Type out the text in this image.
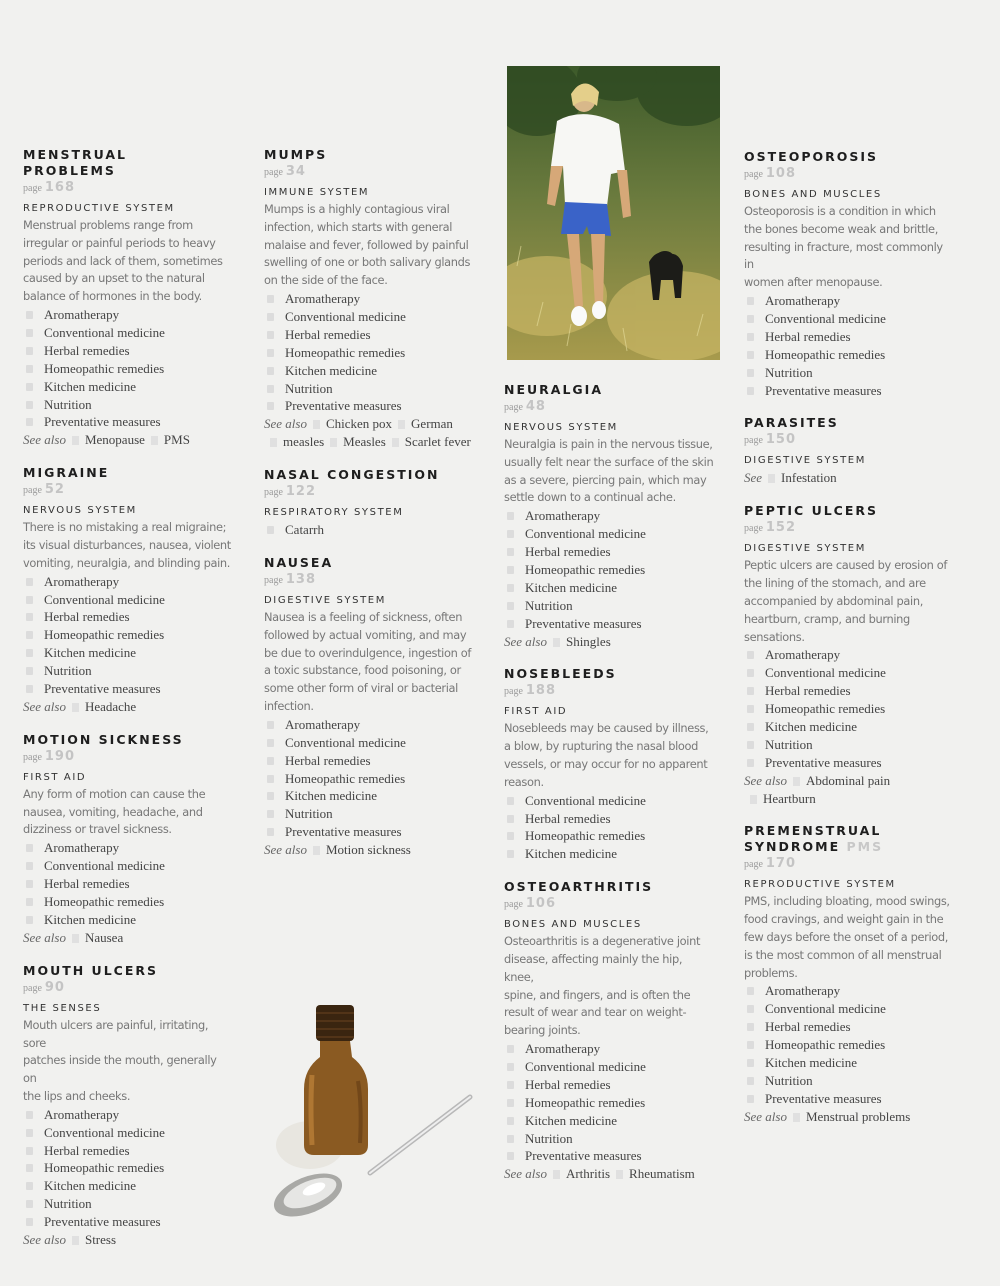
MENSTRUAL
PROBLEMS
page 168
REPRODUCTIVE SYSTEM
Menstrual problems range from
irregular or painful periods to heavy
periods and lack of them, sometimes
caused by an upset to the natural
balance of hormones in the body.
Aromatherapy
Conventional medicine
Herbal remedies
Homeopathic remedies
Kitchen medicine
Nutrition
Preventative measures
See also Menopause PMS
MIGRAINE
page 52
NERVOUS SYSTEM
There is no mistaking a real migraine;
its visual disturbances, nausea, violent
vomiting, neuralgia, and blinding pain.
Aromatherapy
Conventional medicine
Herbal remedies
Homeopathic remedies
Kitchen medicine
Nutrition
Preventative measures
See also Headache
MOTION SICKNESS
page 190
FIRST AID
Any form of motion can cause the
nausea, vomiting, headache, and
dizziness or travel sickness.
Aromatherapy
Conventional medicine
Herbal remedies
Homeopathic remedies
Kitchen medicine
See also Nausea
MOUTH ULCERS
page 90
THE SENSES
Mouth ulcers are painful, irritating, sore
patches inside the mouth, generally on
the lips and cheeks.
Aromatherapy
Conventional medicine
Herbal remedies
Homeopathic remedies
Kitchen medicine
Nutrition
Preventative measures
See also Stress
MUMPS
page 34
IMMUNE SYSTEM
Mumps is a highly contagious viral
infection, which starts with general
malaise and fever, followed by painful
swelling of one or both salivary glands
on the side of the face.
Aromatherapy
Conventional medicine
Herbal remedies
Homeopathic remedies
Kitchen medicine
Nutrition
Preventative measures
See also Chicken pox German
measles Measles Scarlet fever
NASAL CONGESTION
page 122
RESPIRATORY SYSTEM
Catarrh
NAUSEA
page 138
DIGESTIVE SYSTEM
Nausea is a feeling of sickness, often
followed by actual vomiting, and may
be due to overindulgence, ingestion of
a toxic substance, food poisoning, or
some other form of viral or bacterial
infection.
Aromatherapy
Conventional medicine
Herbal remedies
Homeopathic remedies
Kitchen medicine
Nutrition
Preventative measures
See also Motion sickness
NEURALGIA
page 48
NERVOUS SYSTEM
Neuralgia is pain in the nervous tissue,
usually felt near the surface of the skin
as a severe, piercing pain, which may
settle down to a continual ache.
Aromatherapy
Conventional medicine
Herbal remedies
Homeopathic remedies
Kitchen medicine
Nutrition
Preventative measures
See also Shingles
NOSEBLEEDS
page 188
FIRST AID
Nosebleeds may be caused by illness,
a blow, by rupturing the nasal blood
vessels, or may occur for no apparent
reason.
Conventional medicine
Herbal remedies
Homeopathic remedies
Kitchen medicine
OSTEOARTHRITIS
page 106
BONES AND MUSCLES
Osteoarthritis is a degenerative joint
disease, affecting mainly the hip, knee,
spine, and fingers, and is often the
result of wear and tear on weight-
bearing joints.
Aromatherapy
Conventional medicine
Herbal remedies
Homeopathic remedies
Kitchen medicine
Nutrition
Preventative measures
See also Arthritis Rheumatism
OSTEOPOROSIS
page 108
BONES AND MUSCLES
Osteoporosis is a condition in which
the bones become weak and brittle,
resulting in fracture, most commonly in
women after menopause.
Aromatherapy
Conventional medicine
Herbal remedies
Homeopathic remedies
Nutrition
Preventative measures
PARASITES
page 150
DIGESTIVE SYSTEM
See Infestation
PEPTIC ULCERS
page 152
DIGESTIVE SYSTEM
Peptic ulcers are caused by erosion of
the lining of the stomach, and are
accompanied by abdominal pain,
heartburn, cramp, and burning
sensations.
Aromatherapy
Conventional medicine
Herbal remedies
Homeopathic remedies
Kitchen medicine
Nutrition
Preventative measures
See also Abdominal pain
Heartburn
PREMENSTRUAL
SYNDROME PMS
page 170
REPRODUCTIVE SYSTEM
PMS, including bloating, mood swings,
food cravings, and weight gain in the
few days before the onset of a period,
is the most common of all menstrual
problems.
Aromatherapy
Conventional medicine
Herbal remedies
Homeopathic remedies
Kitchen medicine
Nutrition
Preventative measures
See also Menstrual problems
